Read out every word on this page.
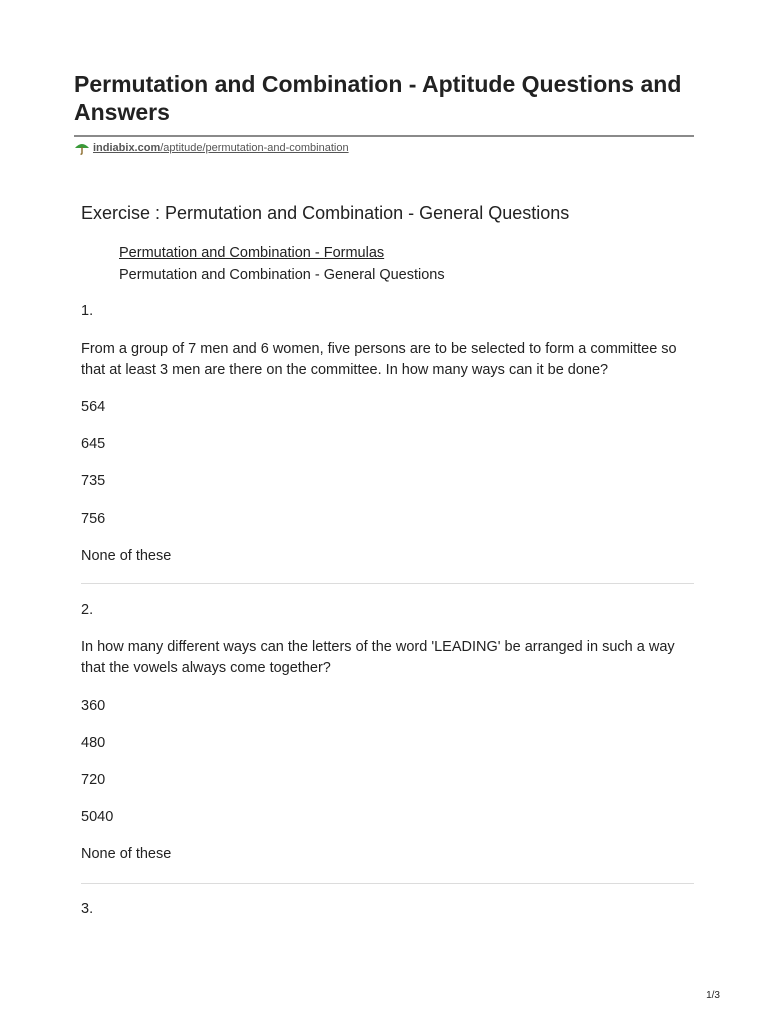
Permutation and Combination - Aptitude Questions and Answers
indiabix.com/aptitude/permutation-and-combination
Exercise : Permutation and Combination - General Questions
Permutation and Combination - Formulas
Permutation and Combination - General Questions
1.
From a group of 7 men and 6 women, five persons are to be selected to form a committee so that at least 3 men are there on the committee. In how many ways can it be done?
564
645
735
756
None of these
2.
In how many different ways can the letters of the word 'LEADING' be arranged in such a way that the vowels always come together?
360
480
720
5040
None of these
3.
1/3
